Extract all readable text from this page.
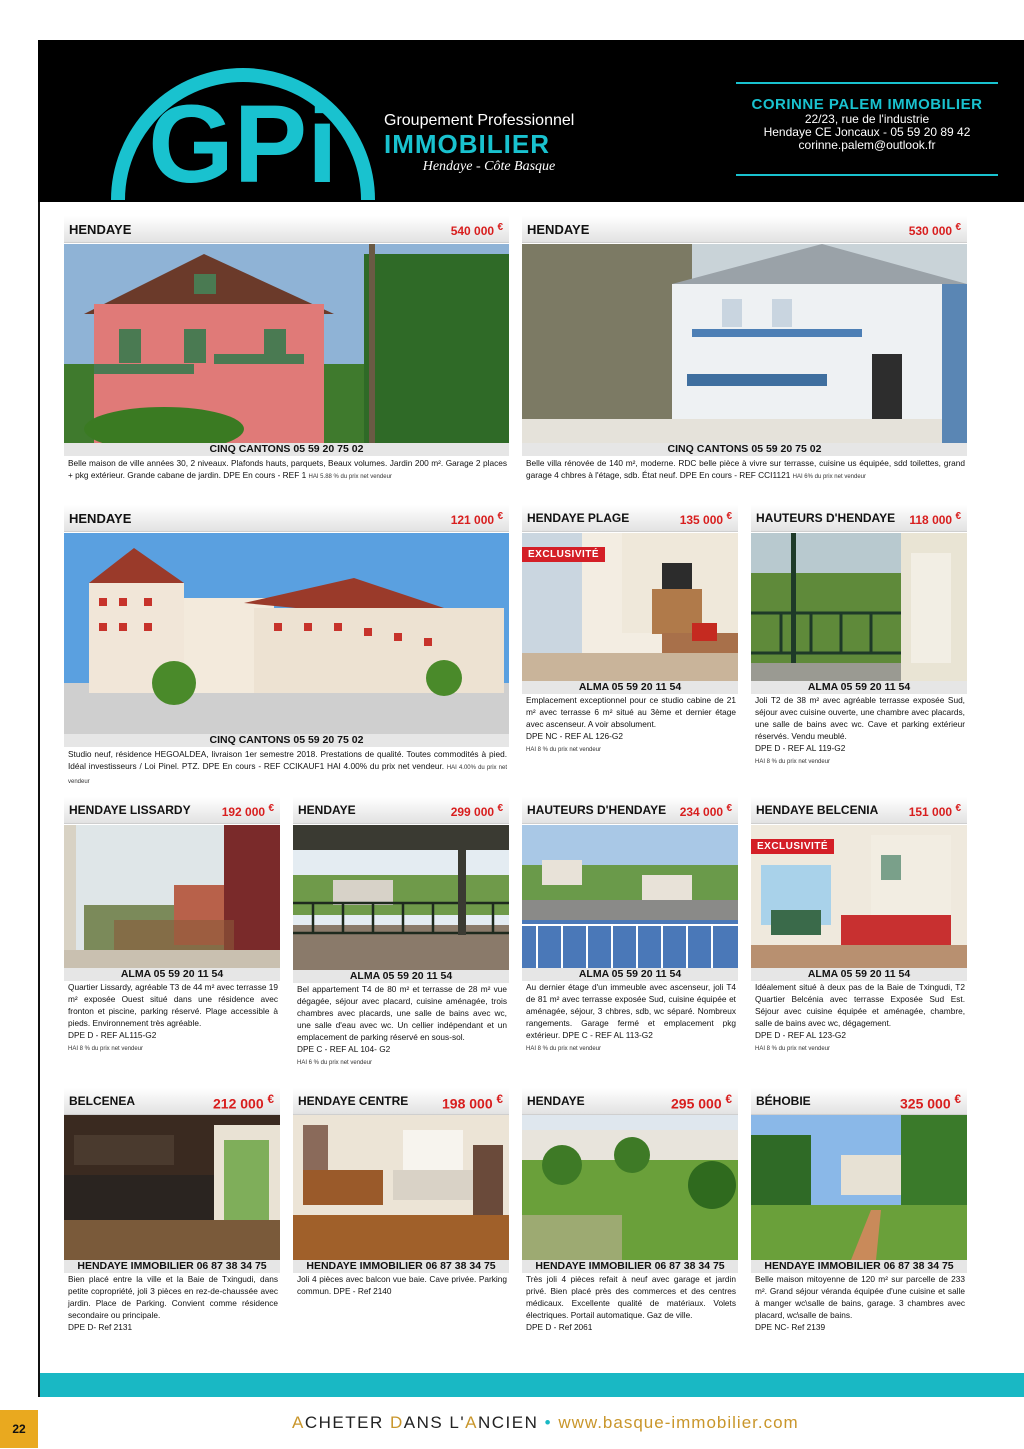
GPi	Groupement Professionnel
IMMOBILIER
Hendaye - Côte Basque
CORINNE PALEM IMMOBILIER
22/23, rue de l'industrie
Hendaye CE Joncaux - 05 59 20 89 42
corinne.palem@outlook.fr
HENDAYE	540 000 €
CINQ CANTONS 05 59 20 75 02
Belle maison de ville années 30, 2 niveaux. Plafonds hauts, parquets, Beaux volumes. Jardin 200 m². Garage 2 places + pkg extérieur. Grande cabane de jardin. DPE En cours - REF 1 HAI 5.88 % du prix net vendeur
HENDAYE	530 000 €
CINQ CANTONS 05 59 20 75 02
Belle villa rénovée de 140 m², moderne. RDC belle pièce à vivre sur terrasse, cuisine us équipée, sdd toilettes, grand garage 4 chbres à l'étage, sdb. État neuf. DPE En cours - REF CCI1121 HAI 6% du prix net vendeur
HENDAYE	121 000 €
CINQ CANTONS 05 59 20 75 02
Studio neuf, résidence HEGOALDEA, livraison 1er semestre 2018. Prestations de qualité. Toutes commodités à pied. Idéal investisseurs / Loi Pinel. PTZ. DPE En cours - REF CCIKAUF1 HAI 4.00% du prix net vendeur. HAI 4.00% du prix net vendeur
HENDAYE PLAGE	135 000 €
EXCLUSIVITÉ
ALMA 05 59 20 11 54
Emplacement exceptionnel pour ce studio cabine de 21 m² avec terrasse 6 m² situé au 3ème et dernier étage avec ascenseur. A voir absolument.
DPE NC - REF AL 126-G2
HAI 8 % du prix net vendeur
HAUTEURS D'HENDAYE 118 000 €
ALMA 05 59 20 11 54
Joli T2 de 38 m² avec agréable terrasse exposée Sud, séjour avec cuisine ouverte, une chambre avec placards, une salle de bains avec wc. Cave et parking extérieur réservés. Vendu meublé.
DPE D - REF AL 119-G2
HAI 8 % du prix net vendeur
HENDAYE LISSARDY	192 000 €
ALMA 05 59 20 11 54
Quartier Lissardy, agréable T3 de 44 m² avec terrasse 19 m² exposée Ouest situé dans une résidence avec fronton et piscine, parking réservé. Plage accessible à pieds. Environnement très agréable.
DPE D - REF AL115-G2
HAI 8 % du prix net vendeur
HENDAYE	299 000 €
ALMA 05 59 20 11 54
Bel appartement T4 de 80 m² et terrasse de 28 m² vue dégagée, séjour avec placard, cuisine aménagée, trois chambres avec placards, une salle de bains avec wc, une salle d'eau avec wc. Un cellier indépendant et un emplacement de parking réservé en sous-sol.
DPE C - REF AL 104- G2
HAI 6 % du prix net vendeur
HAUTEURS D'HENDAYE 234 000 €
ALMA 05 59 20 11 54
Au dernier étage d'un immeuble avec ascenseur, joli T4 de 81 m² avec terrasse exposée Sud, cuisine équipée et aménagée, séjour, 3 chbres, sdb, wc séparé. Nombreux rangements. Garage fermé et emplacement pkg extérieur. DPE C - REF AL 113-G2
HAI 8 % du prix net vendeur
HENDAYE BELCENIA	151 000 €
EXCLUSIVITÉ
ALMA 05 59 20 11 54
Idéalement situé à deux pas de la Baie de Txingudi, T2 Quartier Belcénia avec terrasse Exposée Sud Est. Séjour avec cuisine équipée et aménagée, chambre, salle de bains avec wc, dégagement.
DPE D - REF AL 123-G2
HAI 8 % du prix net vendeur
BELCENEA	212 000 €
HENDAYE IMMOBILIER 06 87 38 34 75
Bien placé entre la ville et la Baie de Txingudi, dans petite copropriété, joli 3 pièces en rez-de-chaussée avec jardin. Place de Parking. Convient comme résidence secondaire ou principale.
DPE D- Ref 2131
HENDAYE CENTRE 198 000 €
HENDAYE IMMOBILIER 06 87 38 34 75
Joli 4 pièces avec balcon vue baie. Cave privée. Parking commun. DPE - Ref 2140
HENDAYE	295 000 €
HENDAYE IMMOBILIER 06 87 38 34 75
Très joli 4 pièces refait à neuf avec garage et jardin privé. Bien placé près des commerces et des centres médicaux. Excellente qualité de matériaux. Volets électriques. Portail automatique. Gaz de ville.
DPE D - Ref 2061
BÉHOBIE	325 000 €
HENDAYE IMMOBILIER 06 87 38 34 75
Belle maison mitoyenne de 120 m² sur parcelle de 233 m². Grand séjour véranda équipée d'une cuisine et salle à manger wc\salle de bains, garage. 3 chambres avec placard, wc\salle de bains.
DPE NC- Ref 2139
22	ACHETER DANS L'ANCIEN • www.basque-immobilier.com
